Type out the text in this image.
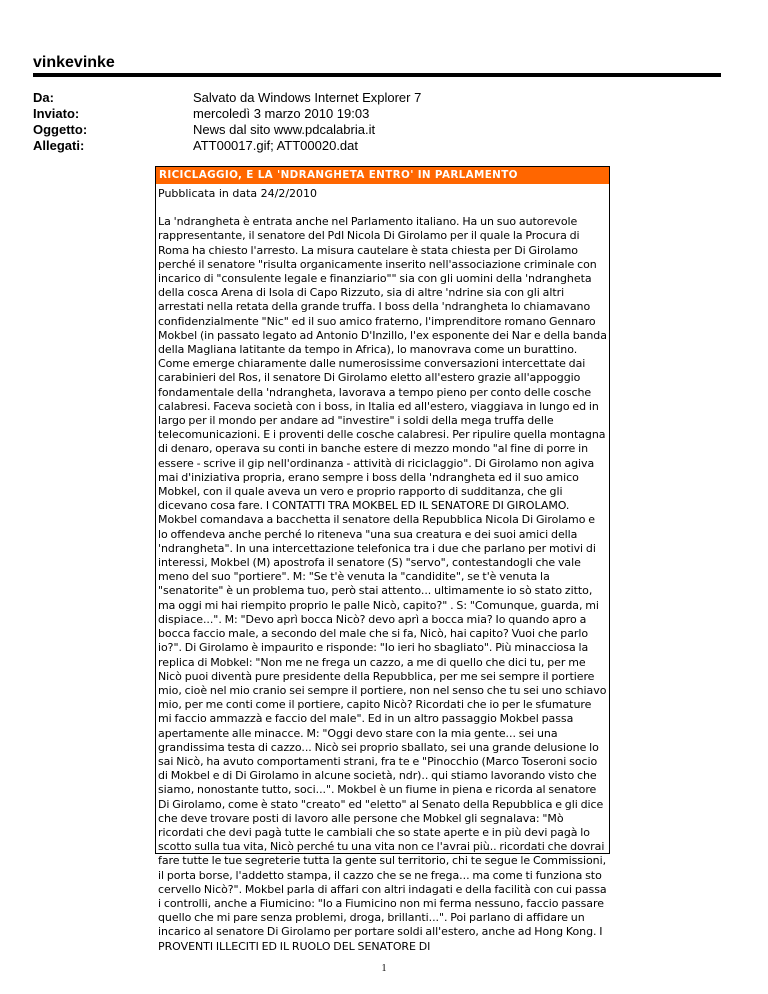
vinkevinke
Da:	Salvato da Windows Internet Explorer 7
Inviato:	mercoledì 3 marzo 2010 19:03
Oggetto:	News dal sito www.pdcalabria.it
Allegati:	ATT00017.gif; ATT00020.dat
RICICLAGGIO, E LA 'NDRANGHETA ENTRO' IN PARLAMENTO
Pubblicata in data 24/2/2010
La 'ndrangheta è entrata anche nel Parlamento italiano. Ha un suo autorevole rappresentante, il senatore del Pdl Nicola Di Girolamo per il quale la Procura di Roma ha chiesto l'arresto. La misura cautelare è stata chiesta per Di Girolamo perché il senatore "risulta organicamente inserito nell'associazione criminale con incarico di "consulente legale e finanziario"" sia con gli uomini della 'ndrangheta della cosca Arena di Isola di Capo Rizzuto, sia di altre 'ndrine sia con gli altri arrestati nella retata della grande truffa. I boss della 'ndrangheta lo chiamavano confidenzialmente "Nic" ed il suo amico fraterno, l'imprenditore romano Gennaro Mokbel (in passato legato ad Antonio D'Inzillo, l'ex esponente dei Nar e della banda della Magliana latitante da tempo in Africa), lo manovrava come un burattino. Come emerge chiaramente dalle numerosissime conversazioni intercettate dai carabinieri del Ros, il senatore Di Girolamo eletto all'estero grazie all'appoggio fondamentale della 'ndrangheta, lavorava a tempo pieno per conto delle cosche calabresi. Faceva società con i boss, in Italia ed all'estero, viaggiava in lungo ed in largo per il mondo per andare ad "investire" i soldi della mega truffa delle telecomunicazioni. E i proventi delle cosche calabresi. Per ripulire quella montagna di denaro, operava su conti in banche estere di mezzo mondo "al fine di porre in essere - scrive il gip nell'ordinanza - attività di riciclaggio". Di Girolamo non agiva mai d'iniziativa propria, erano sempre i boss della 'ndrangheta ed il suo amico Mobkel, con il quale aveva un vero e proprio rapporto di sudditanza, che gli dicevano cosa fare. I CONTATTI TRA MOKBEL ED IL SENATORE DI GIROLAMO. Mokbel comandava a bacchetta il senatore della Repubblica Nicola Di Girolamo e lo offendeva anche perché lo riteneva "una sua creatura e dei suoi amici della 'ndrangheta". In una intercettazione telefonica tra i due che parlano per motivi di interessi, Mokbel (M) apostrofa il senatore (S) "servo", contestandogli che vale meno del suo "portiere". M: "Se t'è venuta la "candidite", se t'è venuta la "senatorite" è un problema tuo, però stai attento... ultimamente io sò stato zitto, ma oggi mi hai riempito proprio le palle Nicò, capito?" . S: "Comunque, guarda, mi dispiace...". M: "Devo aprì bocca Nicò? devo aprì a bocca mia? Io quando apro a bocca faccio male, a secondo del male che si fa, Nicò, hai capito? Vuoi che parlo io?". Di Girolamo è impaurito e risponde: "Io ieri ho sbagliato". Più minacciosa la replica di Mobkel: "Non me ne frega un cazzo, a me di quello che dici tu, per me Nicò puoi diventà pure presidente della Repubblica, per me sei sempre il portiere mio, cioè nel mio cranio sei sempre il portiere, non nel senso che tu sei uno schiavo mio, per me conti come il portiere, capito Nicò? Ricordati che io per le sfumature mi faccio ammazzà e faccio del male". Ed in un altro passaggio Mokbel passa apertamente alle minacce. M: "Oggi devo stare con la mia gente... sei una grandissima testa di cazzo... Nicò sei proprio sballato, sei una grande delusione lo sai Nicò, ha avuto comportamenti strani, fra te e "Pinocchio (Marco Toseroni socio di Mokbel e di Di Girolamo in alcune società, ndr).. qui stiamo lavorando visto che siamo, nonostante tutto, soci...". Mokbel è un fiume in piena e ricorda al senatore Di Girolamo, come è stato "creato" ed "eletto" al Senato della Repubblica e gli dice che deve trovare posti di lavoro alle persone che Mobkel gli segnalava: "Mò ricordati che devi pagà tutte le cambiali che so state aperte e in più devi pagà lo scotto sulla tua vita, Nicò perché tu una vita non ce l'avrai più.. ricordati che dovrai fare tutte le tue segreterie tutta la gente sul territorio, chi te segue le Commissioni, il porta borse, l'addetto stampa, il cazzo che se ne frega... ma come ti funziona sto cervello Nicò?". Mokbel parla di affari con altri indagati e della facilità con cui passa i controlli, anche a Fiumicino: "Io a Fiumicino non mi ferma nessuno, faccio passare quello che mi pare senza problemi, droga, brillanti...". Poi parlano di affidare un incarico al senatore Di Girolamo per portare soldi all'estero, anche ad Hong Kong. I PROVENTI ILLECITI ED IL RUOLO DEL SENATORE DI
1
